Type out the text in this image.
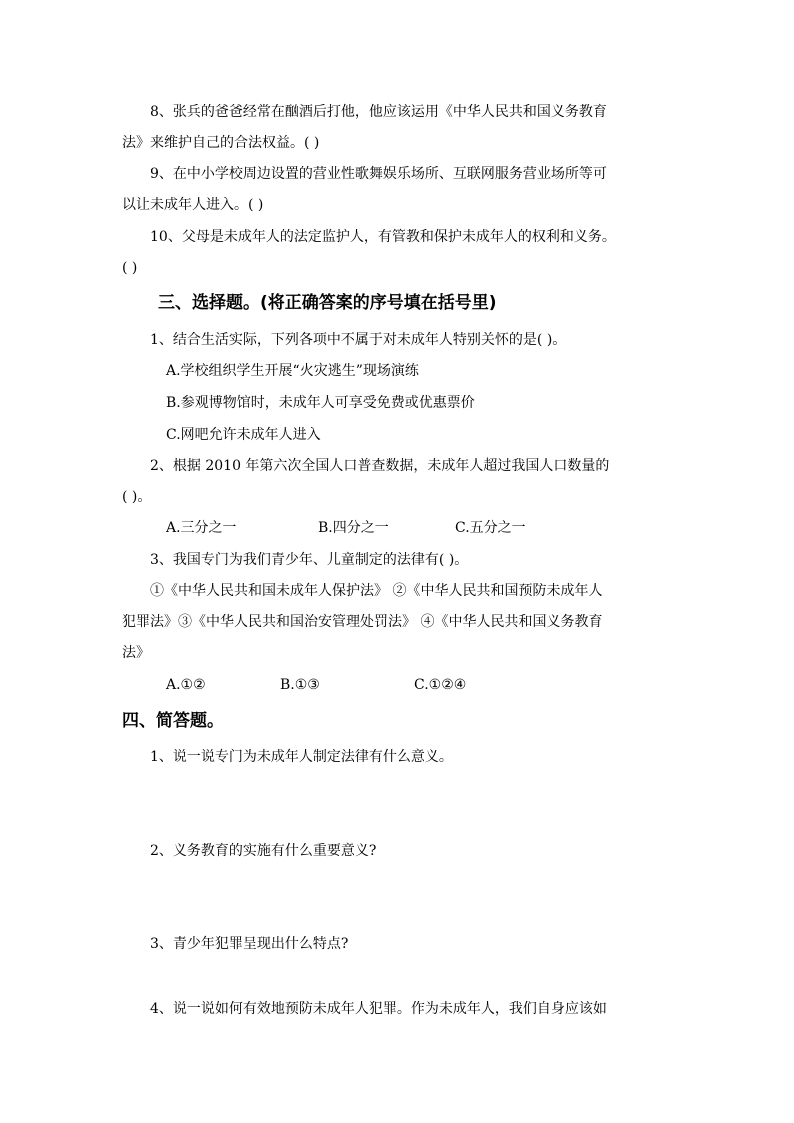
8、张兵的爸爸经常在酗酒后打他，他应该运用《中华人民共和国义务教育
法》来维护自己的合法权益。( )
9、在中小学校周边设置的营业性歌舞娱乐场所、互联网服务营业场所等可
以让未成年人进入。( )
10、父母是未成年人的法定监护人，有管教和保护未成年人的权利和义务。
( )
三、选择题。(将正确答案的序号填在括号里)
1、结合生活实际，下列各项中不属于对未成年人特别关怀的是( )。
A.学校组织学生开展“火灾逃生”现场演练
B.参观博物馆时，未成年人可享受免费或优惠票价
C.网吧允许未成年人进入
2、根据 2010 年第六次全国人口普查数据，未成年人超过我国人口数量的
( )。
A.三分之一	B.四分之一	C.五分之一
3、我国专门为我们青少年、儿童制定的法律有( )。
①《中华人民共和国未成年人保护法》 ②《中华人民共和国预防未成年人
犯罪法》③《中华人民共和国治安管理处罚法》 ④《中华人民共和国义务教育
法》
A.①②	B.①③	C.①②④
四、简答题。
1、说一说专门为未成年人制定法律有什么意义。
2、义务教育的实施有什么重要意义?
3、青少年犯罪呈现出什么特点?
4、说一说如何有效地预防未成年人犯罪。作为未成年人，我们自身应该如
